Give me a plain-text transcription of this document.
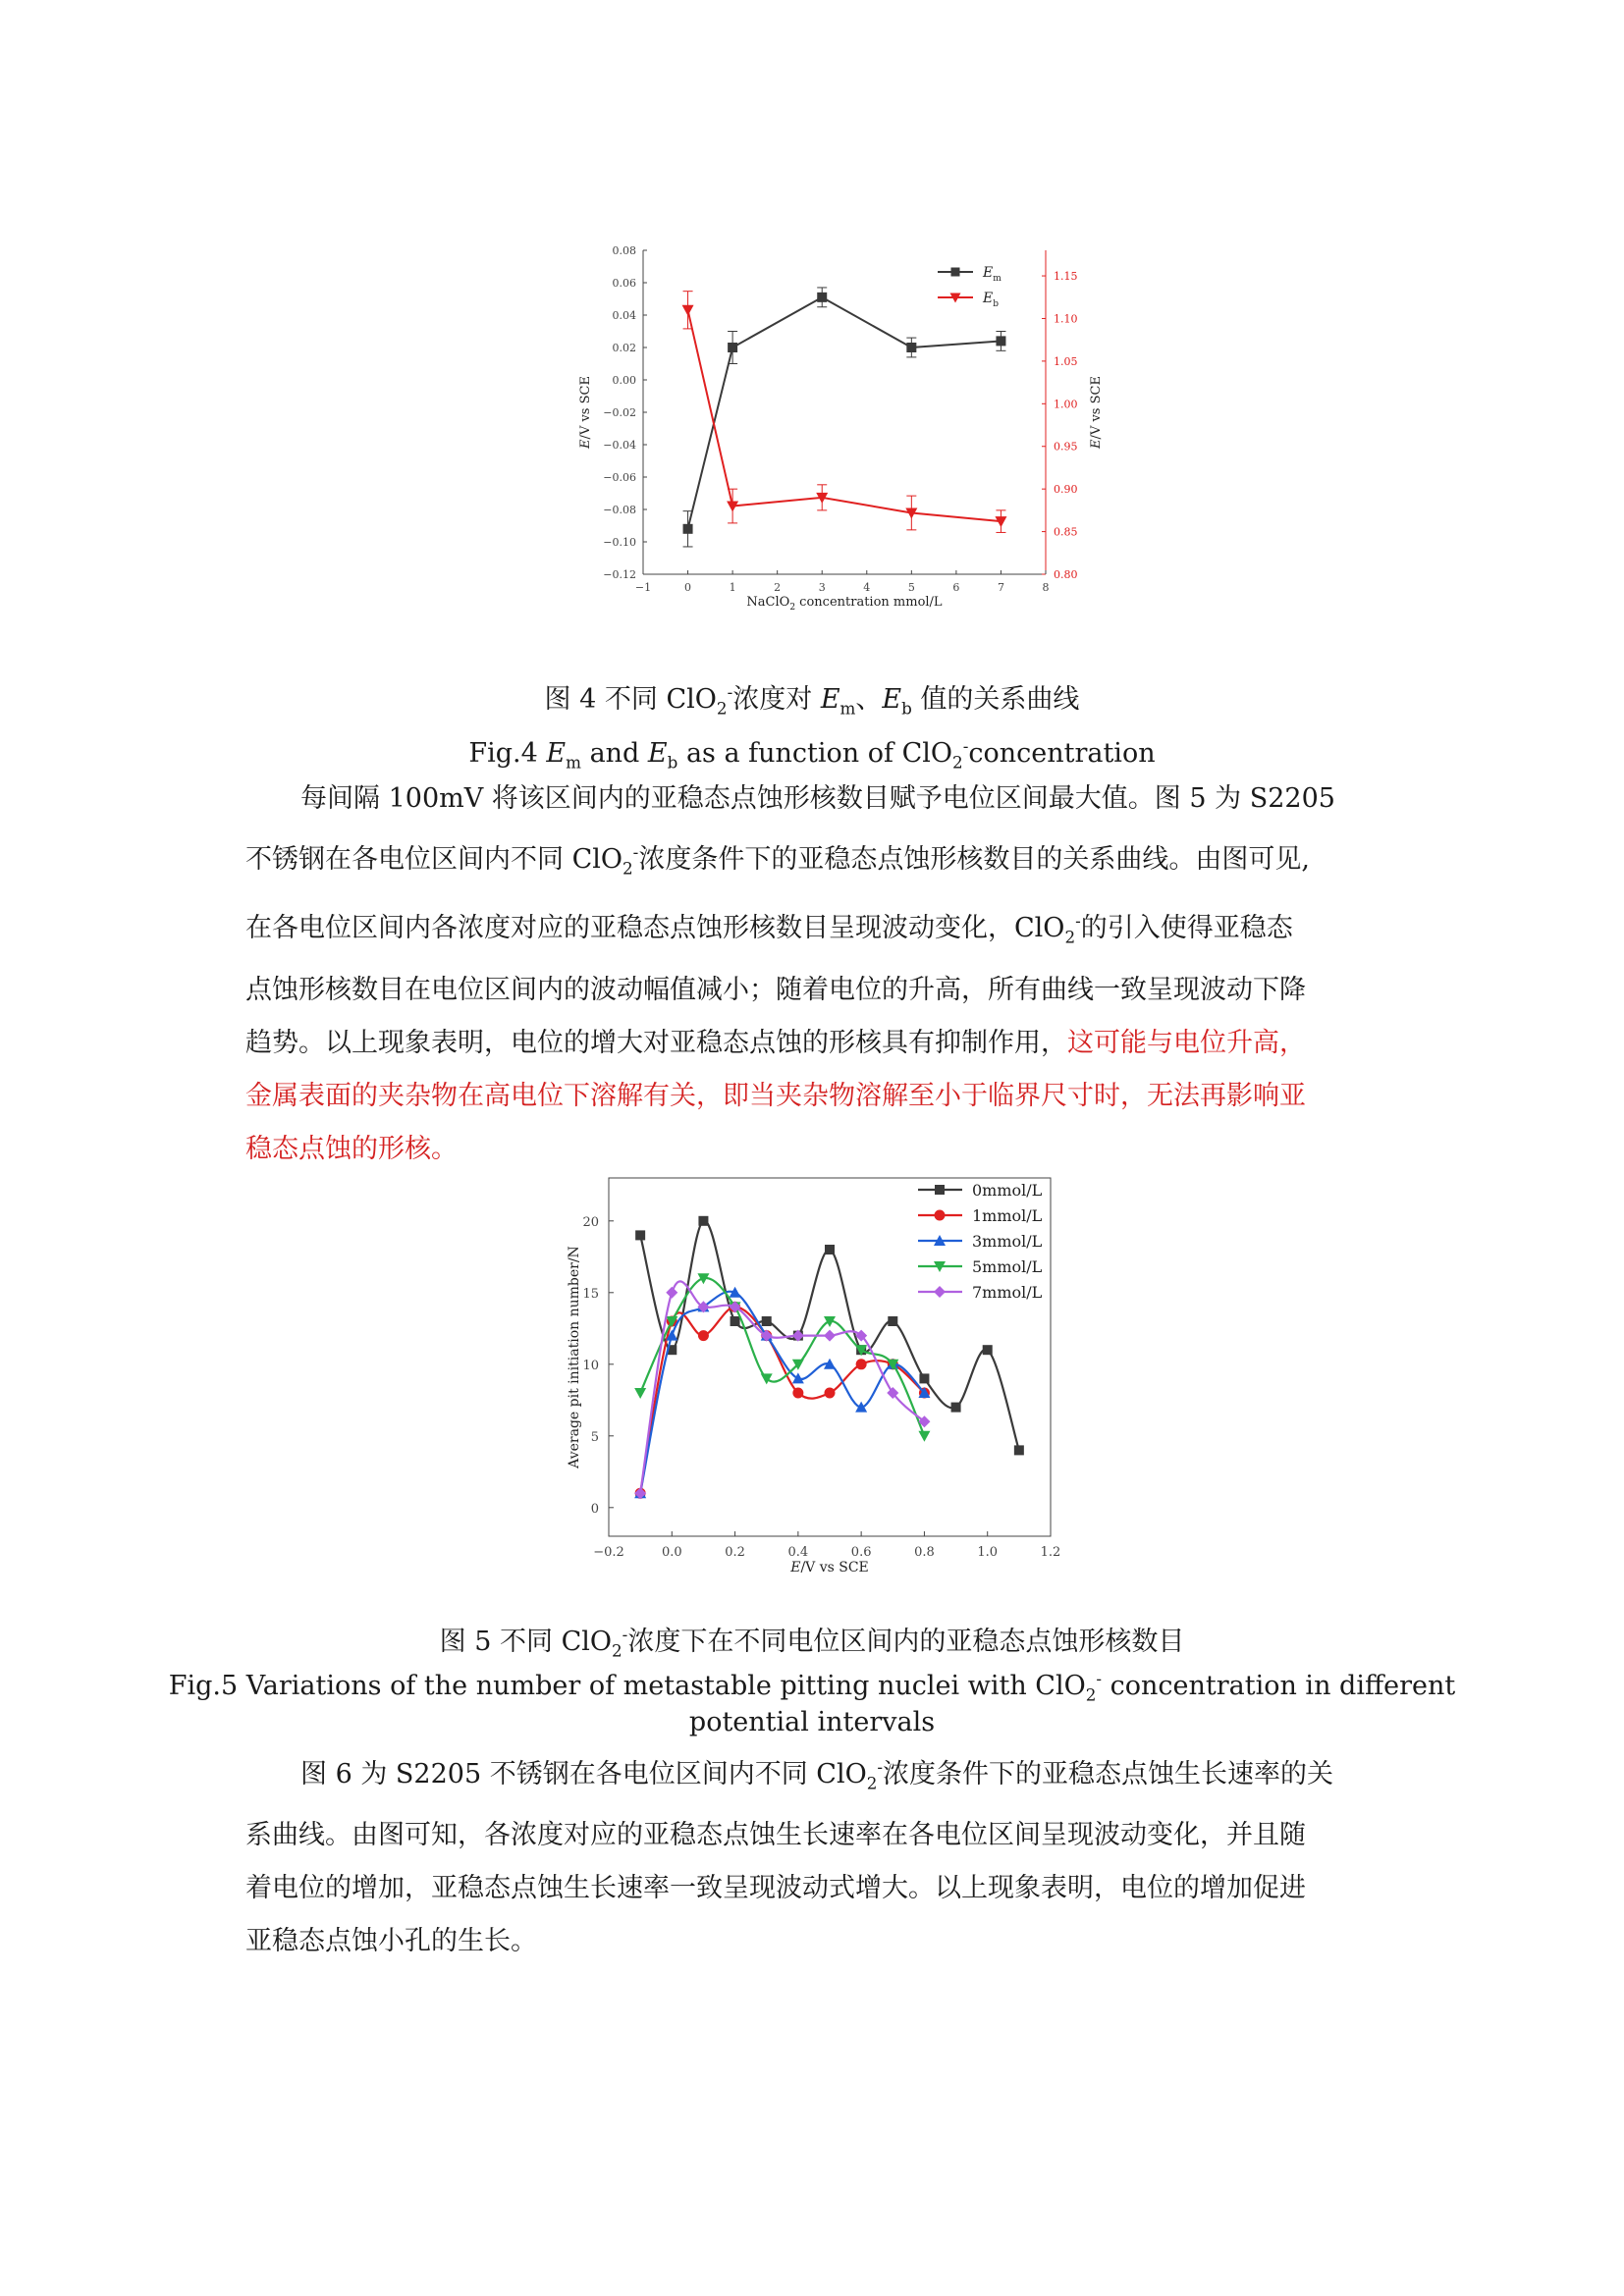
0.08
0.06
0.04
0.02
0.00
−0.02
−0.04
−0.06
−0.08
−0.10
−0.12
1.15
1.10
1.05
1.00
0.95
0.90
0.85
0.80
−1	0	1	2	3	4	5	6	7	8
NaClO$_2$ concentration mmol/L
E/V vs SCE
E/V vs SCE
$E_m$
$E_b$
图 4 不同 ClO$_2$-浓度对 $E_m$、$E_b$ 值的关系曲线
Fig.4 $E_m$ and $E_b$ as a function of ClO$_2$-concentration
每间隔 100mV 将该区间内的亚稳态点蚀形核数目赋予电位区间最大值。图 5 为 S2205
不锈钢在各电位区间内不同 ClO$_2$-浓度条件下的亚稳态点蚀形核数目的关系曲线。由图可见,
在各电位区间内各浓度对应的亚稳态点蚀形核数目呈现波动变化，ClO$_2$-的引入使得亚稳态
点蚀形核数目在电位区间内的波动幅值减小；随着电位的升高，所有曲线一致呈现波动下降
趋势。以上现象表明，电位的增大对亚稳态点蚀的形核具有抑制作用，这可能与电位升高，
金属表面的夹杂物在高电位下溶解有关，即当夹杂物溶解至小于临界尺寸时，无法再影响亚
稳态点蚀的形核。
0
5
10
15
20
−0.2	0.0	0.2	0.4	0.6	0.8	1.0	1.2
E/V vs SCE
Average pit initiation number/N
0mmol/L
1mmol/L
3mmol/L
5mmol/L
7mmol/L
图 5 不同 ClO$_2$-浓度下在不同电位区间内的亚稳态点蚀形核数目
Fig.5 Variations of the number of metastable pitting nuclei with ClO$_2$- concentration in different
potential intervals
图 6 为 S2205 不锈钢在各电位区间内不同 ClO$_2$-浓度条件下的亚稳态点蚀生长速率的关
系曲线。由图可知，各浓度对应的亚稳态点蚀生长速率在各电位区间呈现波动变化，并且随
着电位的增加，亚稳态点蚀生长速率一致呈现波动式增大。以上现象表明，电位的增加促进
亚稳态点蚀小孔的生长。
